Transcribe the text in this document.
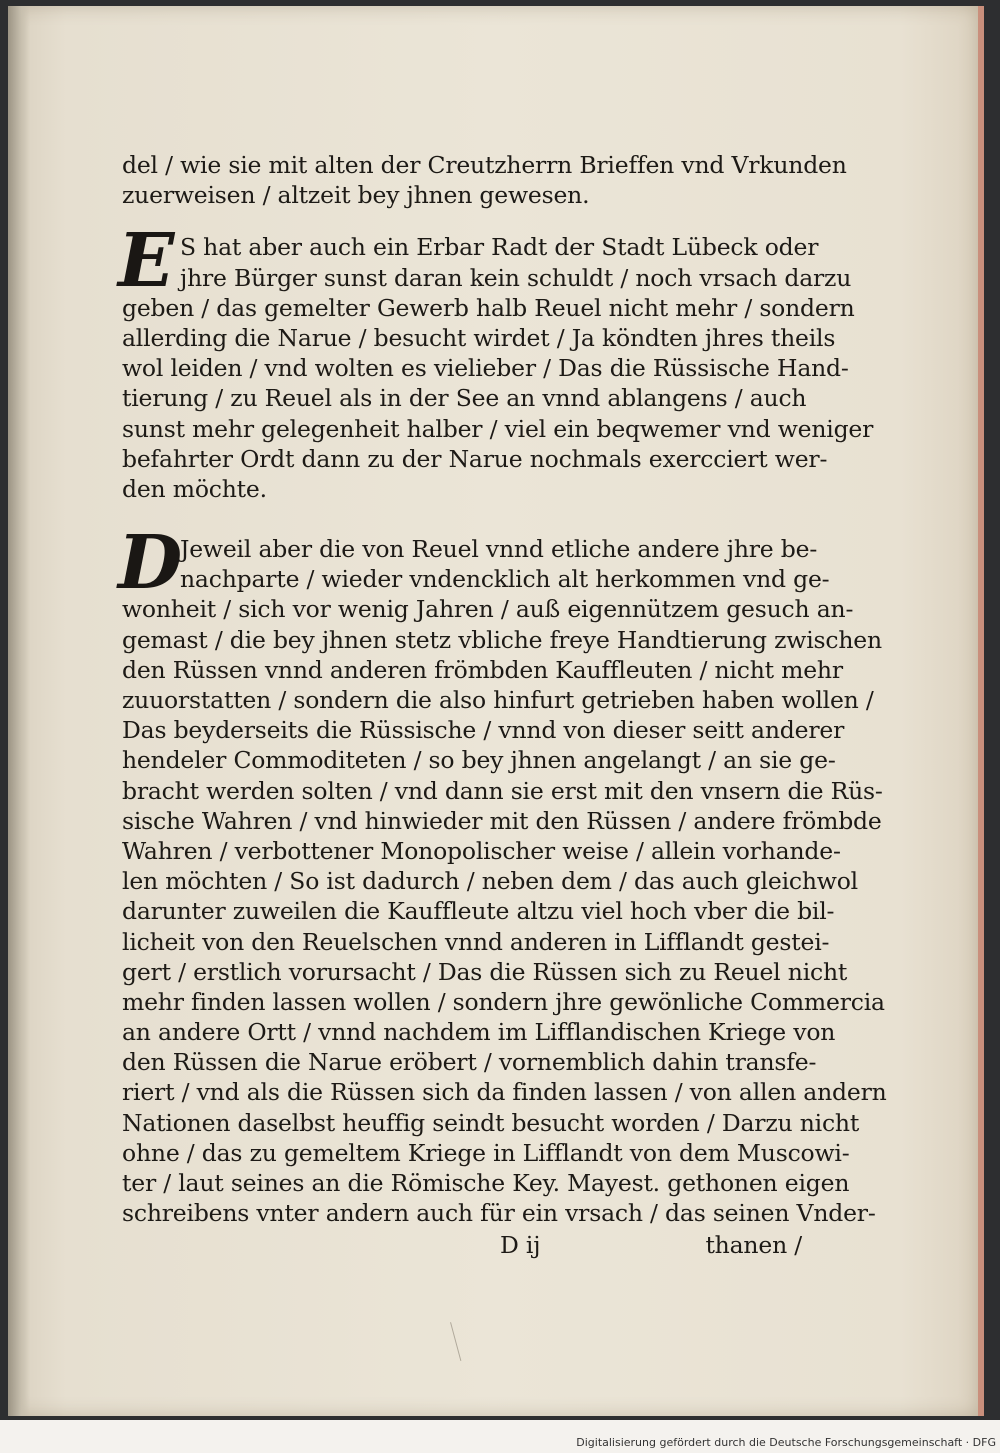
del / wie sie mit alten der Creutzherrn Brieffen vnd Vrkunden
zuerweisen / altzeit bey jhnen gewesen.
E S hat aber auch ein Erbar Radt der Stadt Lübeck oder
jhre Bürger sunst daran kein schuldt / noch vrsach darzu
geben / das gemelter Gewerb halb Reuel nicht mehr / sondern
allerding die Narue / besucht wirdet / Ja köndten jhres theils
wol leiden / vnd wolten es vielieber / Das die Rüssische Hand-
tierung / zu Reuel als in der See an vnnd ablangens / auch
sunst mehr gelegenheit halber / viel ein beqwemer vnd weniger
befahrter Ordt dann zu der Narue nochmals exercciert wer-
den möchte.
D
Jeweil aber die von Reuel vnnd etliche andere jhre be-
nachparte / wieder vndencklich alt herkommen vnd ge-
wonheit / sich vor wenig Jahren / auß eigennützem gesuch an-
gemast / die bey jhnen stetz vbliche freye Handtierung zwischen
den Rüssen vnnd anderen frömbden Kauffleuten / nicht mehr
zuuorstatten / sondern die also hinfurt getrieben haben wollen /
Das beyderseits die Rüssische / vnnd von dieser seitt anderer
hendeler Commoditeten / so bey jhnen angelangt / an sie ge-
bracht werden solten / vnd dann sie erst mit den vnsern die Rüs-
sische Wahren / vnd hinwieder mit den Rüssen / andere frömbde
Wahren / verbottener Monopolischer weise / allein vorhande-
len möchten / So ist dadurch / neben dem / das auch gleichwol
darunter zuweilen die Kauffleute altzu viel hoch vber die bil-
licheit von den Reuelschen vnnd anderen in Lifflandt gestei-
gert / erstlich vorursacht / Das die Rüssen sich zu Reuel nicht
mehr finden lassen wollen / sondern jhre gewönliche Commercia
an andere Ortt / vnnd nachdem im Lifflandischen Kriege von
den Rüssen die Narue eröbert / vornemblich dahin transfe-
riert / vnd als die Rüssen sich da finden lassen / von allen andern
Nationen daselbst heuffig seindt besucht worden / Darzu nicht
ohne / das zu gemeltem Kriege in Lifflandt von dem Muscowi-
ter / laut seines an die Römische Key. Mayest. gethonen eigen
schreibens vnter andern auch für ein vrsach / das seinen Vnder-
D ij	thanen /
Digitalisierung gefördert durch die Deutsche Forschungsgemeinschaft · DFG
